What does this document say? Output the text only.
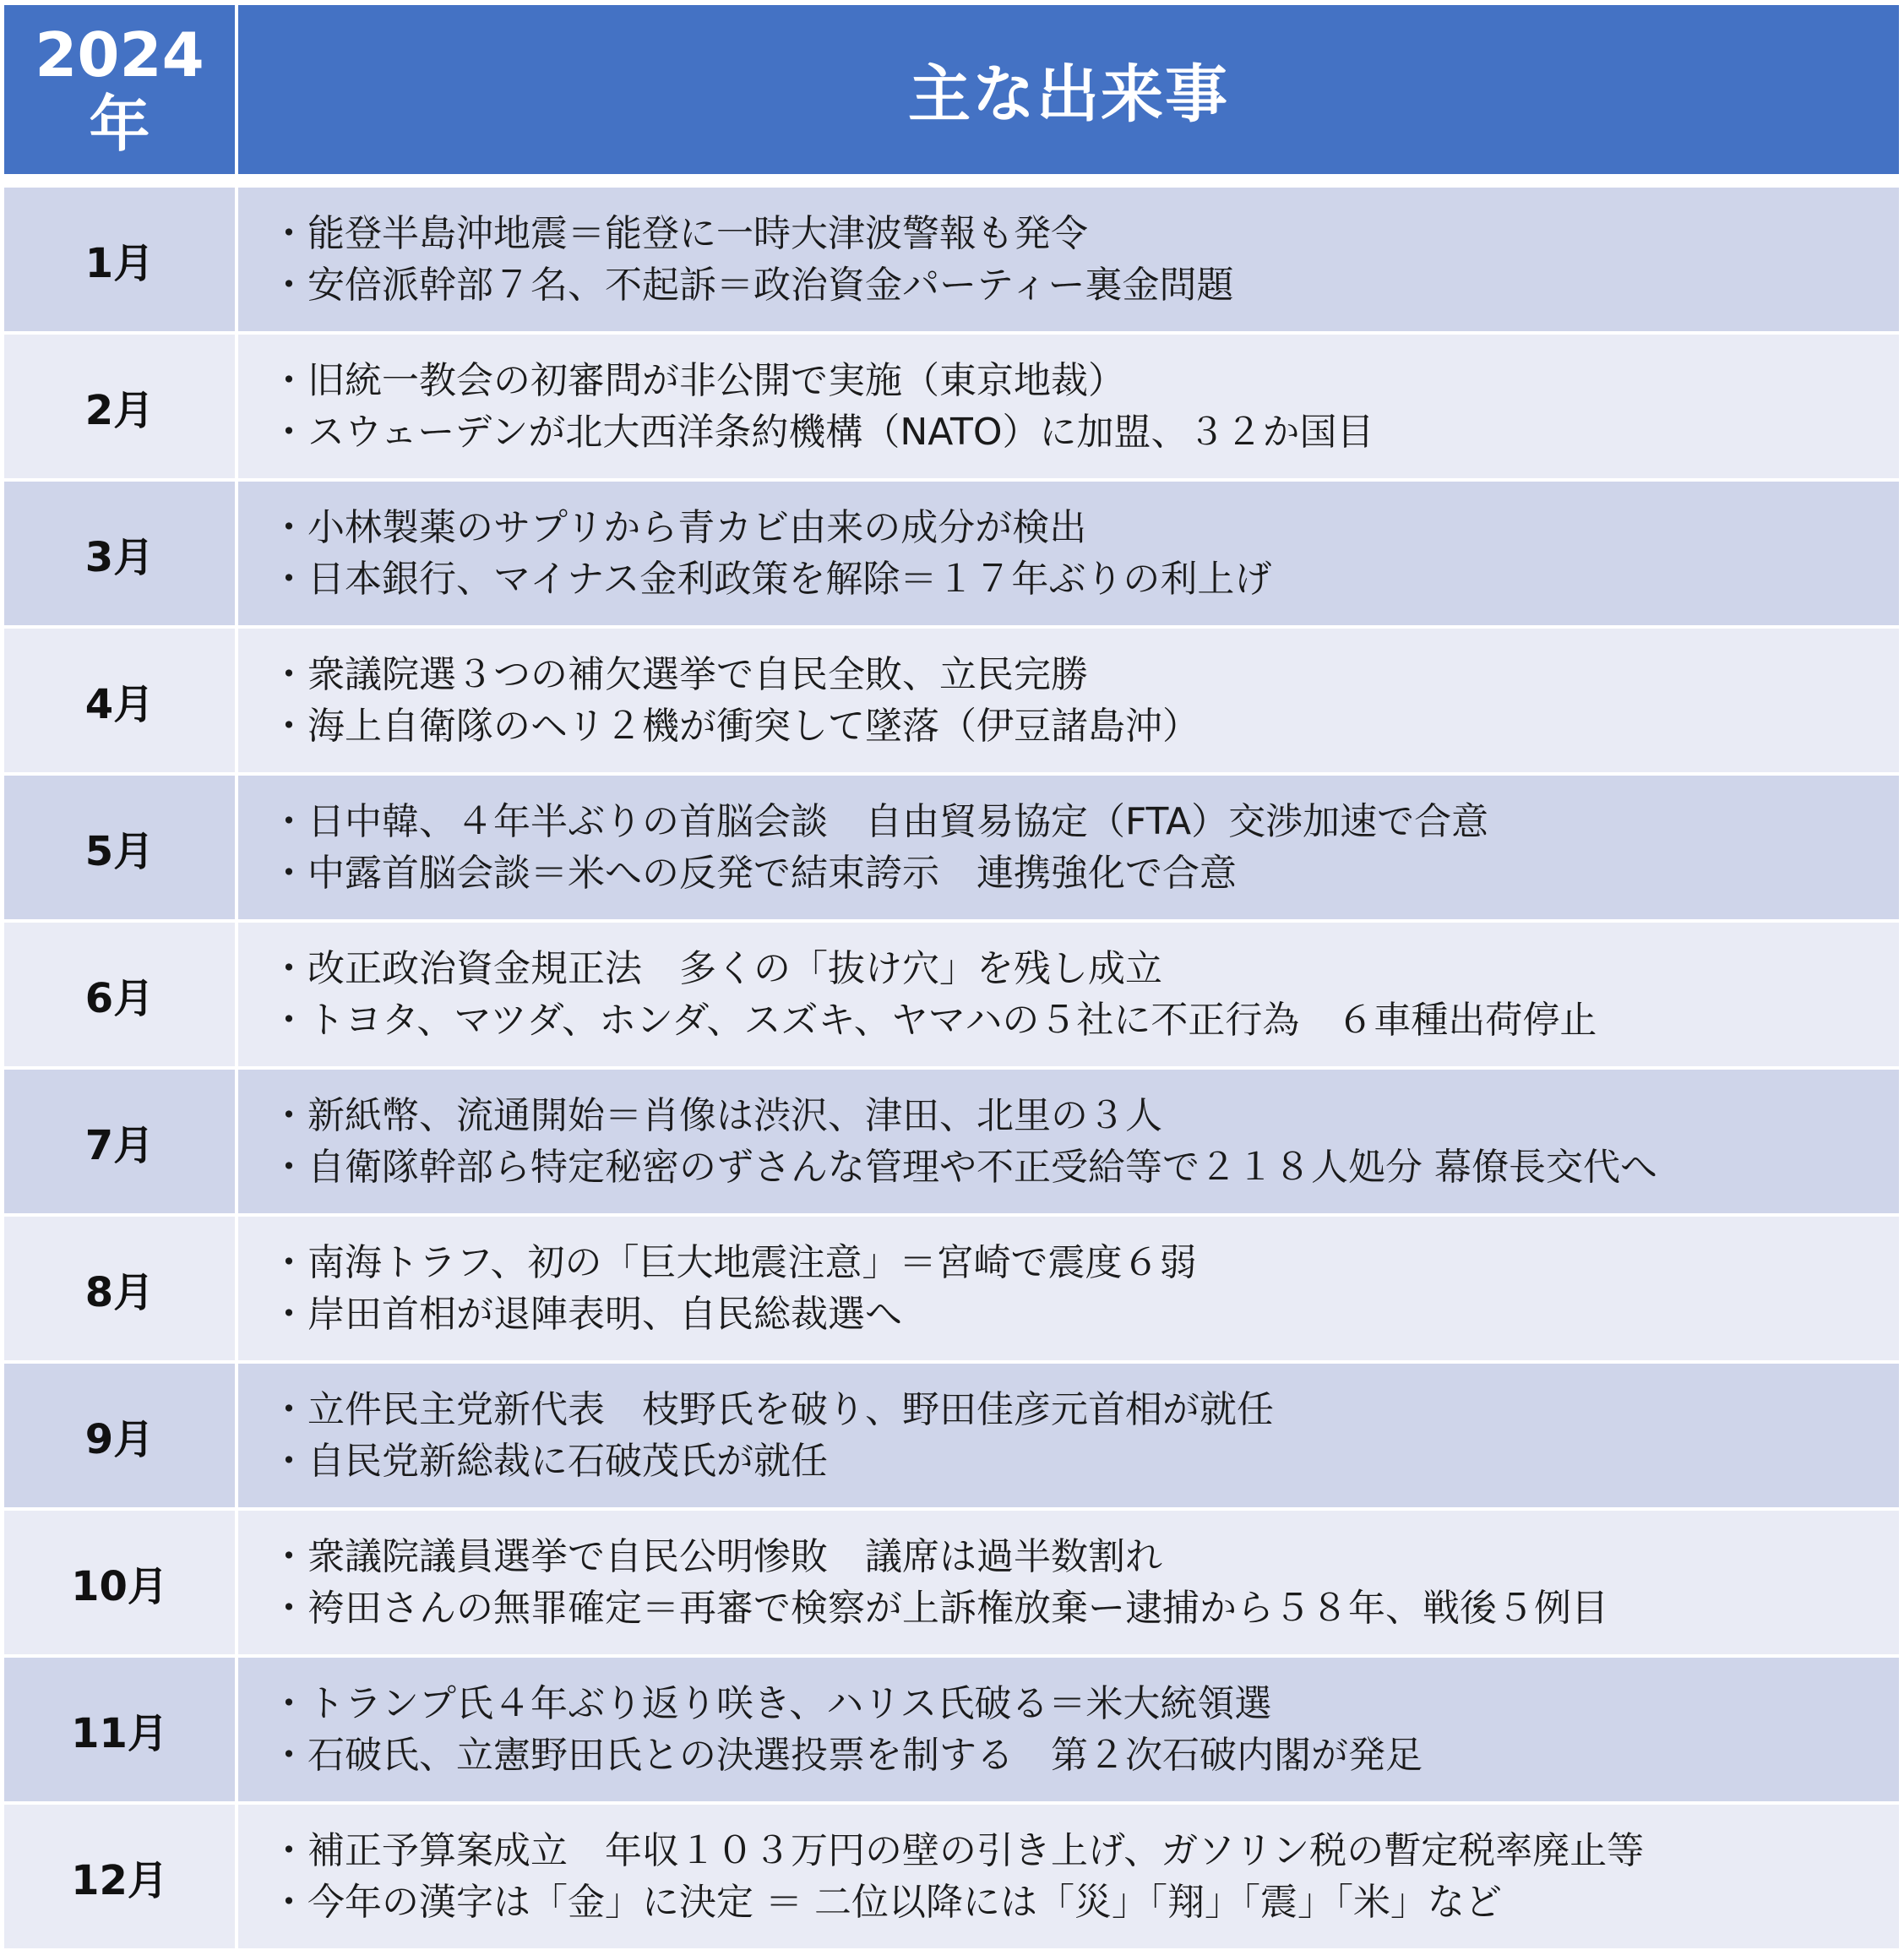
2024
年	主な出来事
1月
・能登半島沖地震＝能登に一時大津波警報も発令
・安倍派幹部７名、不起訴＝政治資金パーティー裏金問題
2月
・旧統一教会の初審問が非公開で実施（東京地裁）
・スウェーデンが北大西洋条約機構（NATO）に加盟、３２か国目
3月
・小林製薬のサプリから青カビ由来の成分が検出
・日本銀行、マイナス金利政策を解除＝１７年ぶりの利上げ
4月
・衆議院選３つの補欠選挙で自民全敗、立民完勝
・海上自衛隊のヘリ２機が衝突して墜落（伊豆諸島沖）
5月
・日中韓、４年半ぶりの首脳会談　自由貿易協定（FTA）交渉加速で合意
・中露首脳会談＝米への反発で結束誇示　連携強化で合意
6月
・改正政治資金規正法　多くの「抜け穴」を残し成立
・トヨタ、マツダ、ホンダ、スズキ、ヤマハの５社に不正行為　６車種出荷停止
7月
・新紙幣、流通開始＝肖像は渋沢、津田、北里の３人
・自衛隊幹部ら特定秘密のずさんな管理や不正受給等で２１８人処分 幕僚長交代へ
8月
・南海トラフ、初の「巨大地震注意」＝宮崎で震度６弱
・岸田首相が退陣表明、自民総裁選へ
9月
・立件民主党新代表　枝野氏を破り、野田佳彦元首相が就任
・自民党新総裁に石破茂氏が就任
10月
・衆議院議員選挙で自民公明惨敗　議席は過半数割れ
・袴田さんの無罪確定＝再審で検察が上訴権放棄ー逮捕から５８年、戦後５例目
11月
・トランプ氏４年ぶり返り咲き、ハリス氏破る＝米大統領選
・石破氏、立憲野田氏との決選投票を制する　第２次石破内閣が発足
12月
・補正予算案成立　年収１０３万円の壁の引き上げ、ガソリン税の暫定税率廃止等
・今年の漢字は「金」に決定 ＝ 二位以降には「災」「翔」「震」「米」など
